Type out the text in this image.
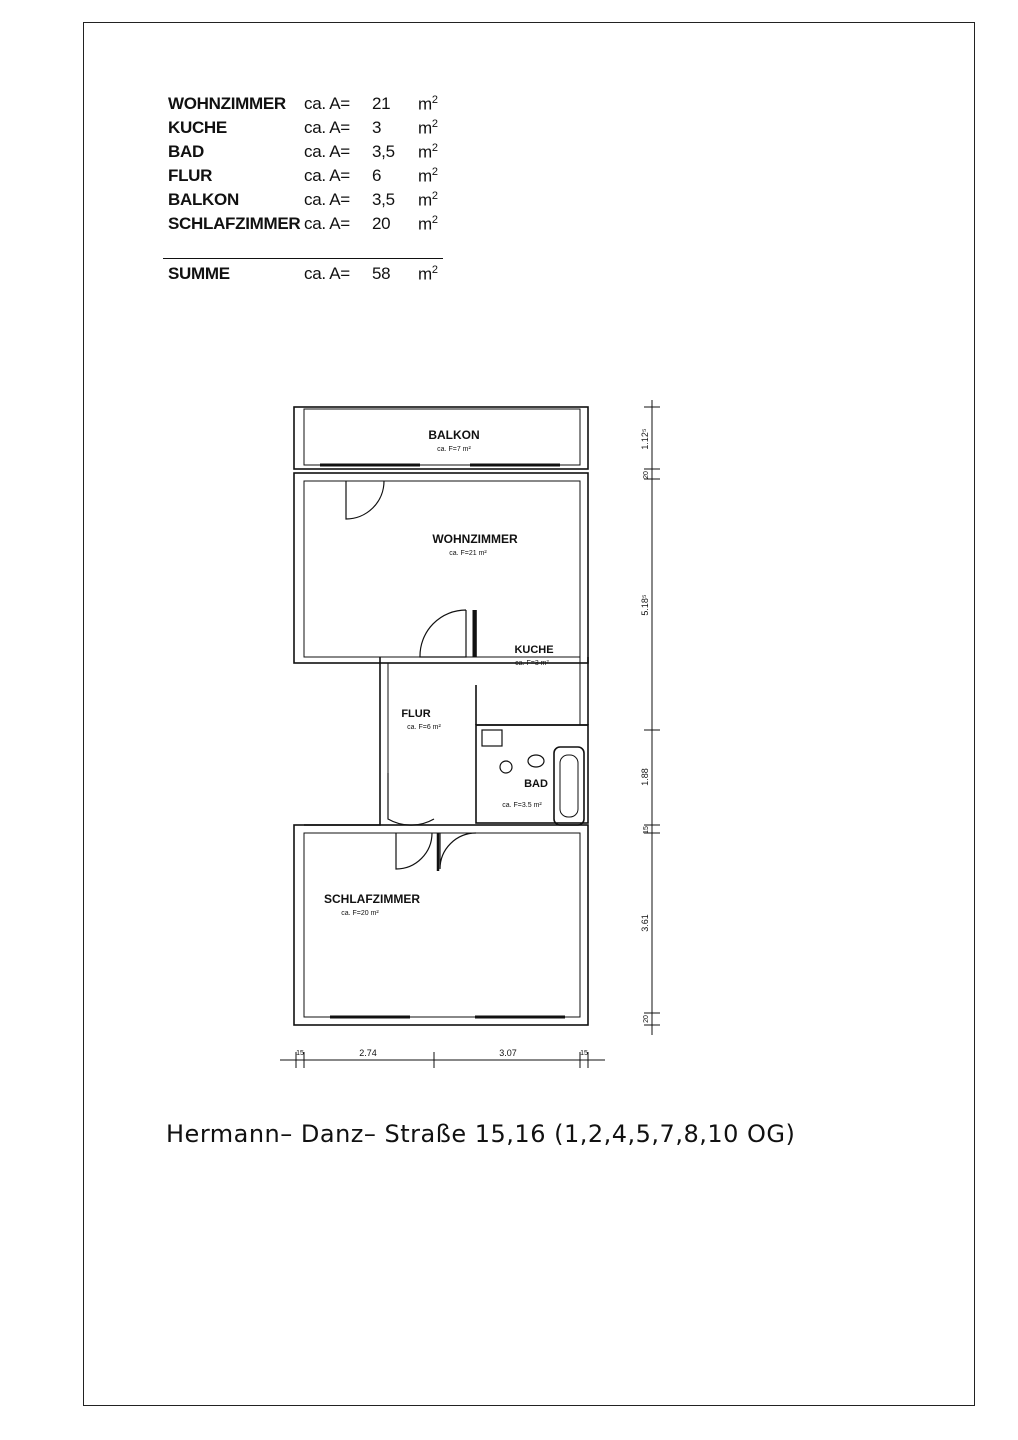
WOHNZIMMER ca. A= 21 $m^2$
KUCHE	ca. A= 3 $m^2$
BAD	ca. A= 3,5 $m^2$
FLUR	ca. A= 6 $m^2$
BALKON	ca. A= 3,5 $m^2$
SCHLAFZIMMER ca. A= 20 $m^2$
SUMME	ca. A= 58 $m^2$
BALKON
ca. F=7 m²
WOHNZIMMER
ca. F=21 m²
KUCHE
ca. F=3 m²
FLUR
ca. F=6 m²
BAD
ca. F=3.5 m²
SCHLAFZIMMER
ca. F=20 m²
1.12⁵
20
5.18⁵
1.88
15
3.61
20
15	2.74	3.07	15
Hermann– Danz– Straße 15,16 (1,2,4,5,7,8,10 OG)
